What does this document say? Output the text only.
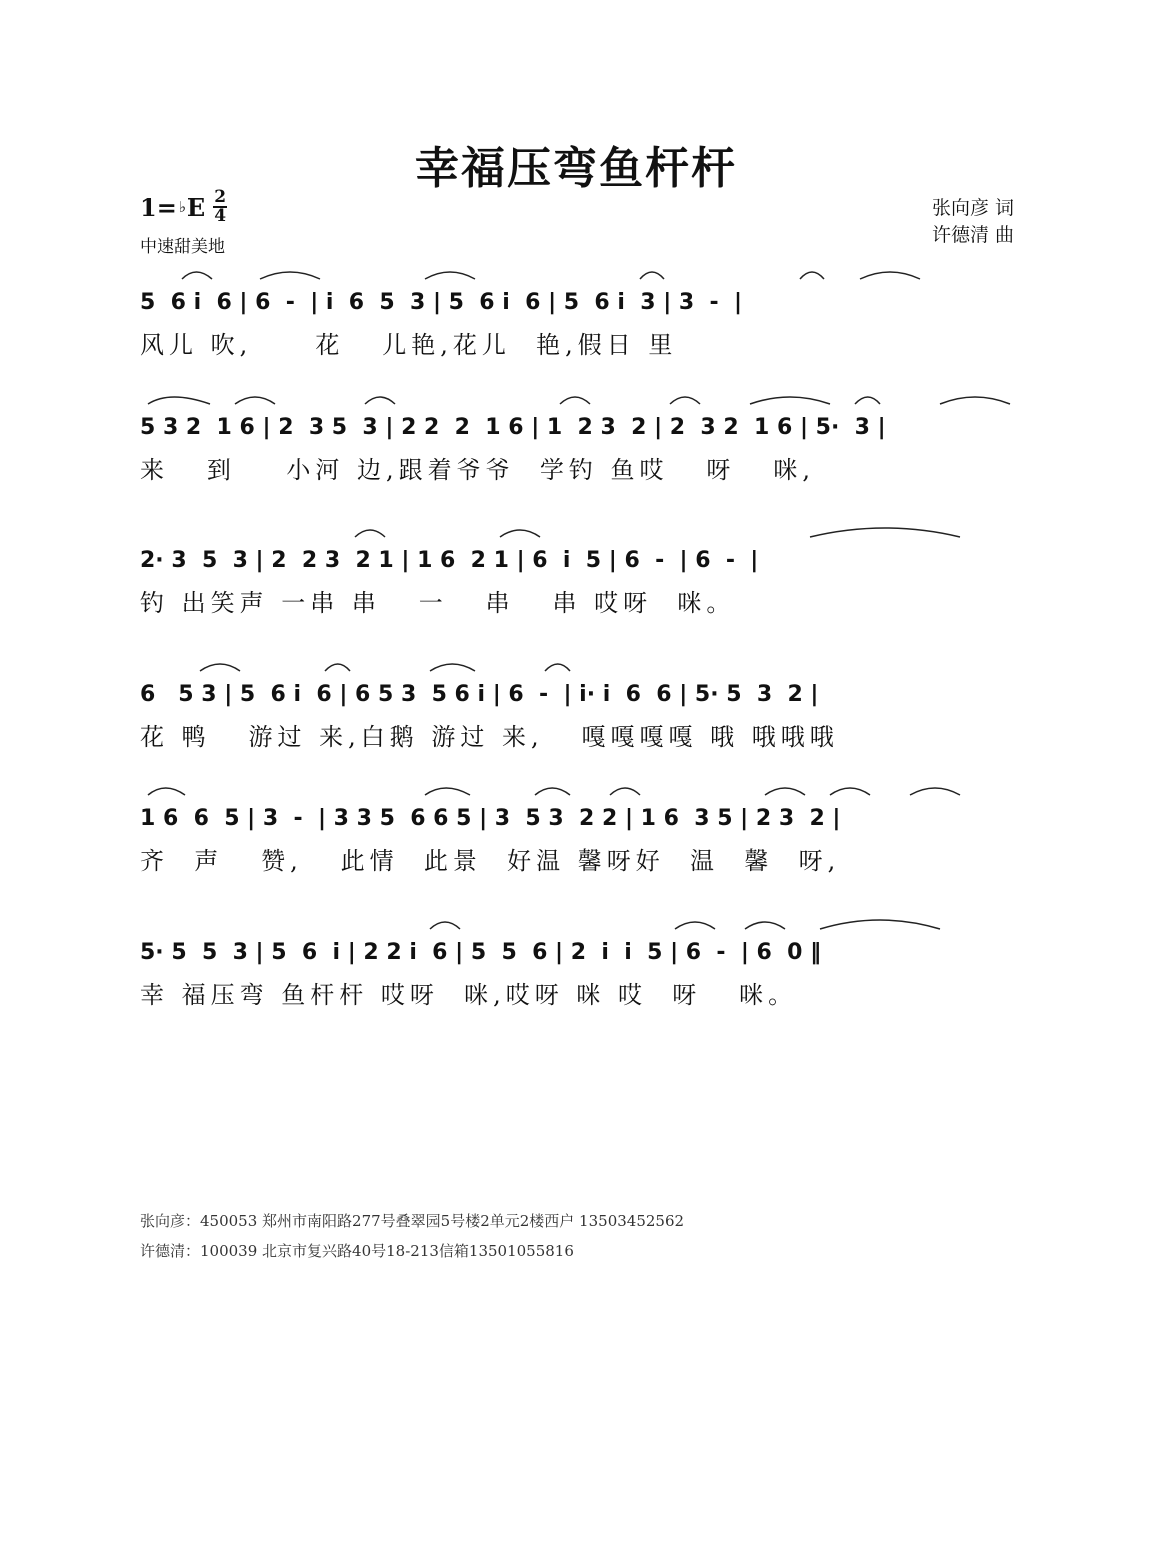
幸福压弯鱼杆杆
1= ♭ E 2
4
中速甜美地
张向彦 词
许德清 曲
5  6 i  6 | 6  -  | i  6  5  3 | 5  6 i  6 | 5  6 i  3 | 3  -  |
风儿 吹,     花   儿艳,花儿  艳,假日 里
5 3 2  1 6 | 2  3 5  3 | 2 2  2  1 6 | 1  2 3  2 | 2  3 2  1 6 | 5·  3 |
来   到    小河 边,跟着爷爷  学钓 鱼哎   呀   咪,
2· 3  5  3 | 2  2 3  2 1 | 1 6  2 1 | 6  i  5 | 6  -  | 6  -  |
钓 出笑声 一串 串   一   串   串 哎呀  咪。
6   5 3 | 5  6 i  6 | 6 5 3  5 6 i | 6  -  | i· i  6  6 | 5· 5  3  2 |
花 鸭   游过 来,白鹅 游过 来,   嘎嘎嘎嘎 哦 哦哦哦
1 6  6  5 | 3  -  | 3 3 5  6 6 5 | 3  5 3  2 2 | 1 6  3 5 | 2 3  2 |
齐  声   赞,   此情  此景  好温 馨呀好  温  馨  呀,
5· 5  5  3 | 5  6  i | 2 2 i  6 | 5  5  6 | 2  i  i  5 | 6  -  | 6  0 ‖
幸 福压弯 鱼杆杆 哎呀  咪,哎呀 咪 哎  呀   咪。
张向彦：450053 郑州市南阳路277号叠翠园5号楼2单元2楼西户 13503452562
许德清：100039 北京市复兴路40号18-213信箱13501055816
